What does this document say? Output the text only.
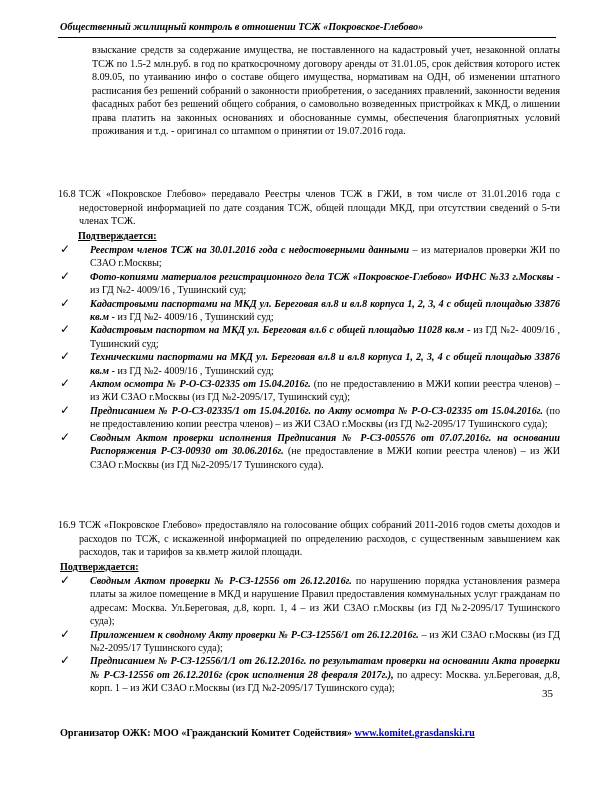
Общественный жилищный контроль в отношении ТСЖ «Покровское-Глебово»
взыскание средств за содержание имущества, не поставленного на кадастровый учет, незаконной оплаты ТСЖ по 1.5-2 млн.руб. в год по краткосрочному договору аренды от 31.01.05, срок действия которого истек 8.09.05, по утаиванию инфо о составе общего имущества, нормативам на ОДН, об изменении штатного расписания без решений собраний о законности приобретения, о заседаниях правлений, законности ведения фасадных работ без решений общего собрания, о самовольно возведенных пристройках к МКД, о лишении права платить на законных основаниях и обоснованные суммы, обеспечения благоприятных условий проживания и т.д. - оригинал со штампом о принятии от 19.07.2016 года.
16.8 ТСЖ «Покровское Глебово» передавало Реестры членов ТСЖ в ГЖИ, в том числе от 31.01.2016 года с недостоверной информацией по дате создания ТСЖ, общей площади МКД, при отсутствии сведений о 5-ти членах ТСЖ.
Подтверждается:
✓ Реестром членов ТСЖ на 30.01.2016 года с недостоверными данными – из материалов проверки ЖИ по СЗАО г.Москвы;
✓ Фото-копиями материалов регистрационного дела ТСЖ «Покровское-Глебово» ИФНС №33 г.Москвы - из ГД №2- 4009/16 , Тушинский суд;
✓ Кадастровыми паспортами на МКД ул. Береговая вл.8 и вл.8 корпуса 1, 2, 3, 4 с общей площадью 33876 кв.м - из ГД №2- 4009/16 , Тушинский суд;
✓ Кадастровым паспортом на МКД ул. Береговая вл.6 с общей площадью 11028 кв.м - из ГД №2- 4009/16 , Тушинский суд;
✓ Техническими паспортами на МКД ул. Береговая вл.8 и вл.8 корпуса 1, 2, 3, 4 с общей площадью 33876 кв.м - из ГД №2- 4009/16 , Тушинский суд;
✓ Актом осмотра № Р-О-СЗ-02335 от 15.04.2016г. (по не предоставлению в МЖИ копии реестра членов) – из ЖИ СЗАО г.Москвы (из ГД №2-2095/17, Тушинский суд);
✓ Предписанием № Р-О-СЗ-02335/1 от 15.04.2016г. по Акту осмотра № Р-О-СЗ-02335 от 15.04.2016г. (по не предоставлению копии реестра членов) – из ЖИ СЗАО г.Москвы (из ГД №2-2095/17 Тушинского суда);
✓ Сводным Актом проверки исполнения Предписания № Р-СЗ-005576 от 07.07.2016г. на основании Распоряжения Р-СЗ-00930 от 30.06.2016г. (не предоставление в МЖИ копии реестра членов) – из ЖИ СЗАО г.Москвы (из ГД №2-2095/17 Тушинского суда).
16.9 ТСЖ «Покровское Глебово» предоставляло на голосование общих собраний 2011-2016 годов сметы доходов и расходов по ТСЖ, с искаженной информацией по определению расходов, с существенным завышением как расходов, так и тарифов за кв.метр жилой площади.
Подтверждается:
✓ Сводным Актом проверки № Р-СЗ-12556 от 26.12.2016г. по нарушению порядка установления размера платы за жилое помещение в МКД и нарушение Правил предоставления коммунальных услуг гражданам по адресам: Москва. Ул.Береговая, д.8, корп. 1, 4 – из ЖИ СЗАО г.Москвы (из ГД №2-2095/17 Тушинского суда);
✓ Приложением к сводному Акту проверки № Р-СЗ-12556/1 от 26.12.2016г. – из ЖИ СЗАО г.Москвы (из ГД №2-2095/17 Тушинского суда);
✓ Предписанием № Р-СЗ-12556/1/1 от 26.12.2016г. по результатам проверки на основании Акта проверки № Р-СЗ-12556 от 26.12.2016г (срок исполнения 28 февраля 2017г.), по адресу: Москва. ул.Береговая, д.8, корп. 1 – из ЖИ СЗАО г.Москвы (из ГД №2-2095/17 Тушинского суда);	35
Организатор ОЖК: МОО «Гражданский Комитет Содействия» www.komitet.grasdanski.ru
